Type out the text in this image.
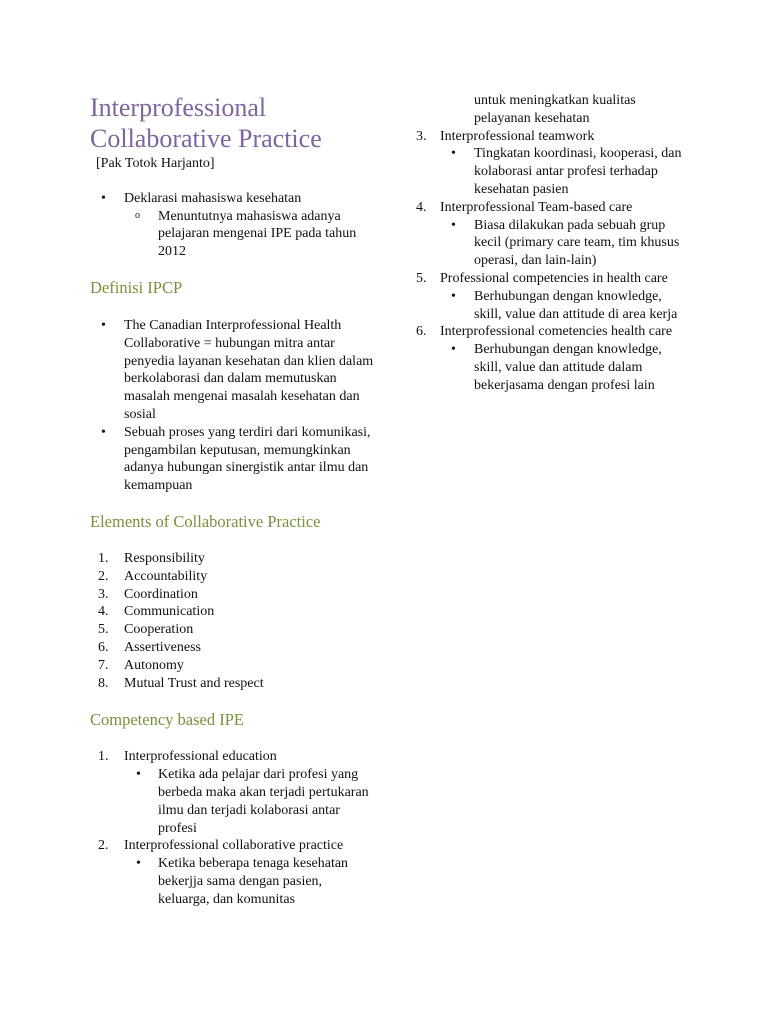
Interprofessional Collaborative Practice
[Pak Totok Harjanto]
• Deklarasi mahasiswa kesehatan
o Menuntutnya mahasiswa adanya pelajaran mengenai IPE pada tahun 2012
Definisi IPCP
• The Canadian Interprofessional Health Collaborative = hubungan mitra antar penyedia layanan kesehatan dan klien dalam berkolaborasi dan dalam memutuskan masalah mengenai masalah kesehatan dan sosial
• Sebuah proses yang terdiri dari komunikasi, pengambilan keputusan, memungkinkan adanya hubungan sinergistik antar ilmu dan kemampuan
Elements of Collaborative Practice
1. Responsibility
2. Accountability
3. Coordination
4. Communication
5. Cooperation
6. Assertiveness
7. Autonomy
8. Mutual Trust and respect
Competency based IPE
1. Interprofessional education
• Ketika ada pelajar dari profesi yang berbeda maka akan terjadi pertukaran ilmu dan terjadi kolaborasi antar profesi
2. Interprofessional collaborative practice
• Ketika beberapa tenaga kesehatan bekerjja sama dengan pasien, keluarga, dan komunitas
untuk meningkatkan kualitas pelayanan kesehatan
3. Interprofessional teamwork
• Tingkatan koordinasi, kooperasi, dan kolaborasi antar profesi terhadap kesehatan pasien
4. Interprofessional Team-based care
• Biasa dilakukan pada sebuah grup kecil (primary care team, tim khusus operasi, dan lain-lain)
5. Professional competencies in health care
• Berhubungan dengan knowledge, skill, value dan attitude di area kerja
6. Interprofessional cometencies health care
• Berhubungan dengan knowledge, skill, value dan attitude dalam bekerjasama dengan profesi lain
